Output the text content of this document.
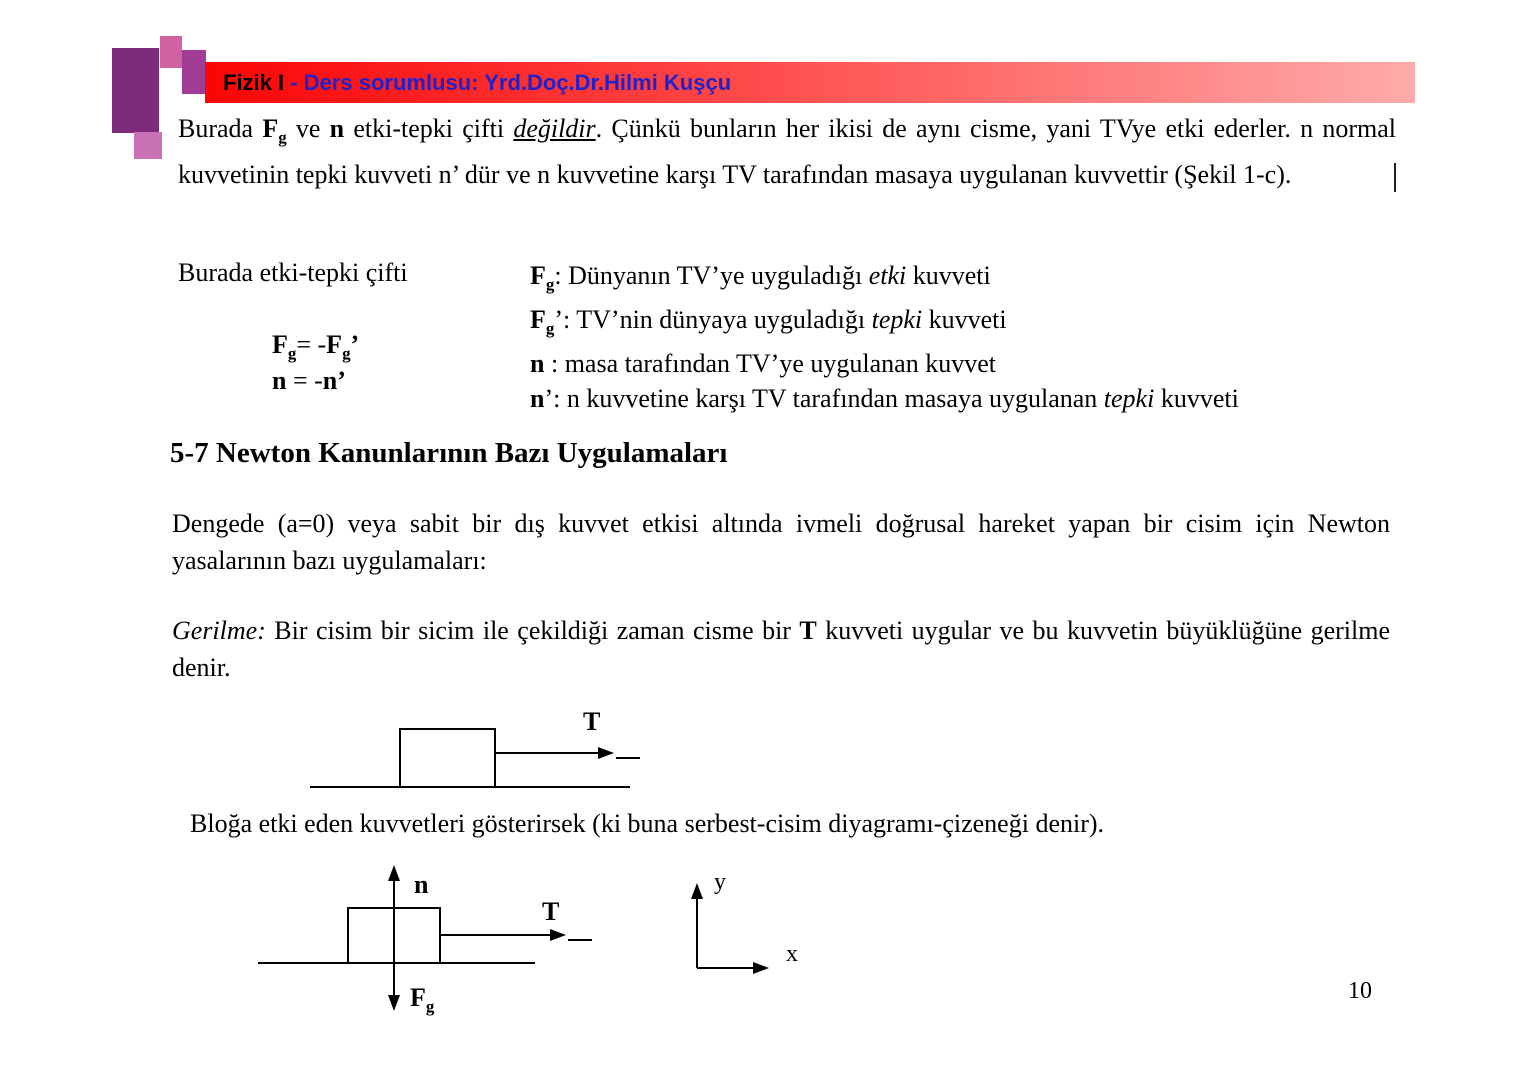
Fizik I - Ders sorumlusu: Yrd.Doç.Dr.Hilmi Kuşçu
Burada $F_g$ ve n etki-tepki çifti değildir. Çünkü bunların her ikisi de aynı cisme, yani TVye etki ederler. n normal kuvvetinin tepki kuvveti n’ dür ve n kuvvetine karşı TV tarafından masaya uygulanan kuvvettir (Şekil 1-c).
Burada etki-tepki çifti
$F_g= -F_g$’
n = -n’
$F_g$: Dünyanın TV’ye uyguladığı etki kuvveti
$F_g$’: TV’nin dünyaya uyguladığı tepki kuvveti
n : masa tarafından TV’ye uygulanan kuvvet
n’: n kuvvetine karşı TV tarafından masaya uygulanan tepki kuvveti
5-7 Newton Kanunlarının Bazı Uygulamaları
Dengede (a=0) veya sabit bir dış kuvvet etkisi altında ivmeli doğrusal hareket yapan bir cisim için Newton yasalarının bazı uygulamaları:
Gerilme: Bir cisim bir sicim ile çekildiği zaman cisme bir T kuvveti uygular ve bu kuvvetin büyüklüğüne gerilme denir.
T
Bloğa etki eden kuvvetleri gösterirsek (ki buna serbest-cisim diyagramı-çizeneği denir).
n
T
$F_g$
y
x
10
